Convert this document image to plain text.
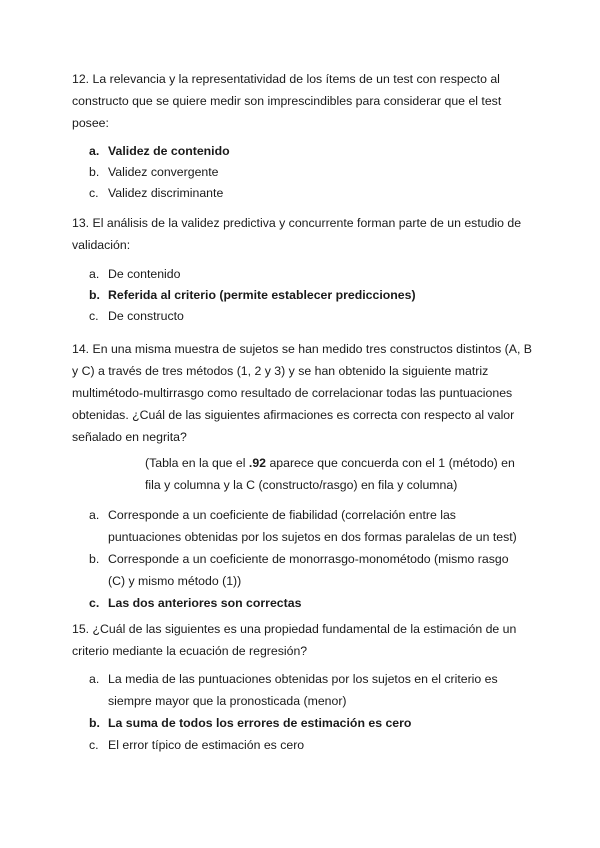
12. La relevancia y la representatividad de los ítems de un test con respecto al constructo que se quiere medir son imprescindibles para considerar que el test posee:

a. Validez de contenido
b. Validez convergente
c. Validez discriminante

13. El análisis de la validez predictiva y concurrente forman parte de un estudio de validación:

a. De contenido
b. Referida al criterio (permite establecer predicciones)
c. De constructo

14. En una misma muestra de sujetos se han medido tres constructos distintos (A, B y C) a través de tres métodos (1, 2 y 3) y se han obtenido la siguiente matriz multimétodo-multirrasgo como resultado de correlacionar todas las puntuaciones obtenidas. ¿Cuál de las siguientes afirmaciones es correcta con respecto al valor señalado en negrita?

(Tabla en la que el .92 aparece que concuerda con el 1 (método) en fila y columna y la C (constructo/rasgo) en fila y columna)

a. Corresponde a un coeficiente de fiabilidad (correlación entre las puntuaciones obtenidas por los sujetos en dos formas paralelas de un test)
b. Corresponde a un coeficiente de monorrasgo-monométodo (mismo rasgo (C) y mismo método (1))
c. Las dos anteriores son correctas

15. ¿Cuál de las siguientes es una propiedad fundamental de la estimación de un criterio mediante la ecuación de regresión?

a. La media de las puntuaciones obtenidas por los sujetos en el criterio es siempre mayor que la pronosticada (menor)
b. La suma de todos los errores de estimación es cero
c. El error típico de estimación es cero
